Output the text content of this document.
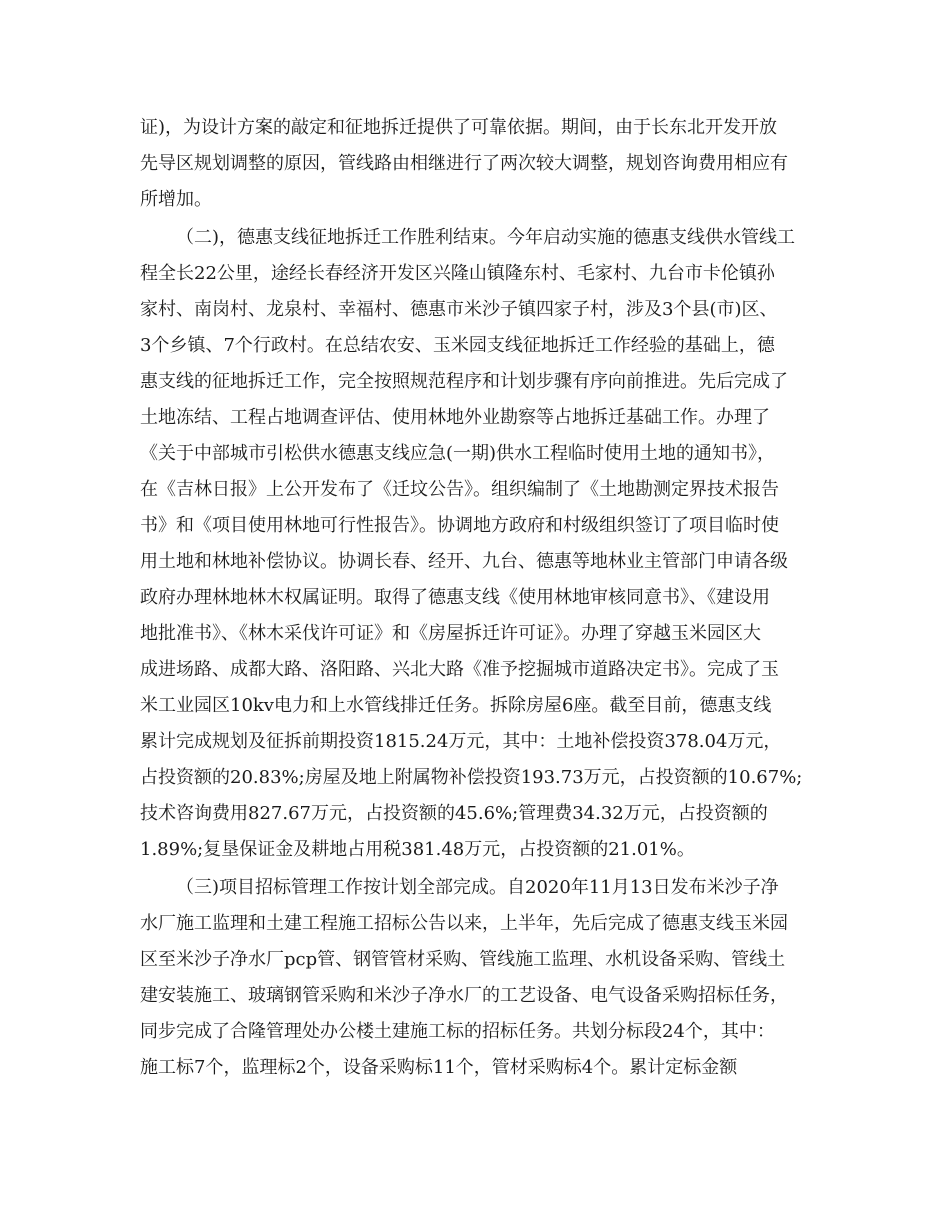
证)，为设计方案的敲定和征地拆迁提供了可靠依据。期间，由于长东北开发开放
先导区规划调整的原因，管线路由相继进行了两次较大调整，规划咨询费用相应有
所增加。
（二)，德惠支线征地拆迁工作胜利结束。今年启动实施的德惠支线供水管线工
程全长22公里，途经长春经济开发区兴隆山镇隆东村、毛家村、九台市卡伦镇孙
家村、南岗村、龙泉村、幸福村、德惠市米沙子镇四家子村，涉及3个县(市)区、
3个乡镇、7个行政村。在总结农安、玉米园支线征地拆迁工作经验的基础上，德
惠支线的征地拆迁工作，完全按照规范程序和计划步骤有序向前推进。先后完成了
土地冻结、工程占地调查评估、使用林地外业勘察等占地拆迁基础工作。办理了
《关于中部城市引松供水德惠支线应急(一期)供水工程临时使用土地的通知书》，
在《吉林日报》上公开发布了《迁坟公告》。组织编制了《土地勘测定界技术报告
书》和《项目使用林地可行性报告》。协调地方政府和村级组织签订了项目临时使
用土地和林地补偿协议。协调长春、经开、九台、德惠等地林业主管部门申请各级
政府办理林地林木权属证明。取得了德惠支线《使用林地审核同意书》、《建设用
地批准书》、《林木采伐许可证》和《房屋拆迁许可证》。办理了穿越玉米园区大
成进场路、成都大路、洛阳路、兴北大路《准予挖掘城市道路决定书》。完成了玉
米工业园区10kv电力和上水管线排迁任务。拆除房屋6座。截至目前，德惠支线
累计完成规划及征拆前期投资1815.24万元，其中：土地补偿投资378.04万元，
占投资额的20.83%;房屋及地上附属物补偿投资193.73万元，占投资额的10.67%;
技术咨询费用827.67万元，占投资额的45.6%;管理费34.32万元，占投资额的
1.89%;复垦保证金及耕地占用税381.48万元，占投资额的21.01%。
（三)项目招标管理工作按计划全部完成。自2020年11月13日发布米沙子净
水厂施工监理和土建工程施工招标公告以来，上半年，先后完成了德惠支线玉米园
区至米沙子净水厂pcp管、钢管管材采购、管线施工监理、水机设备采购、管线土
建安装施工、玻璃钢管采购和米沙子净水厂的工艺设备、电气设备采购招标任务，
同步完成了合隆管理处办公楼土建施工标的招标任务。共划分标段24个，其中：
施工标7个，监理标2个，设备采购标11个，管材采购标4个。累计定标金额
